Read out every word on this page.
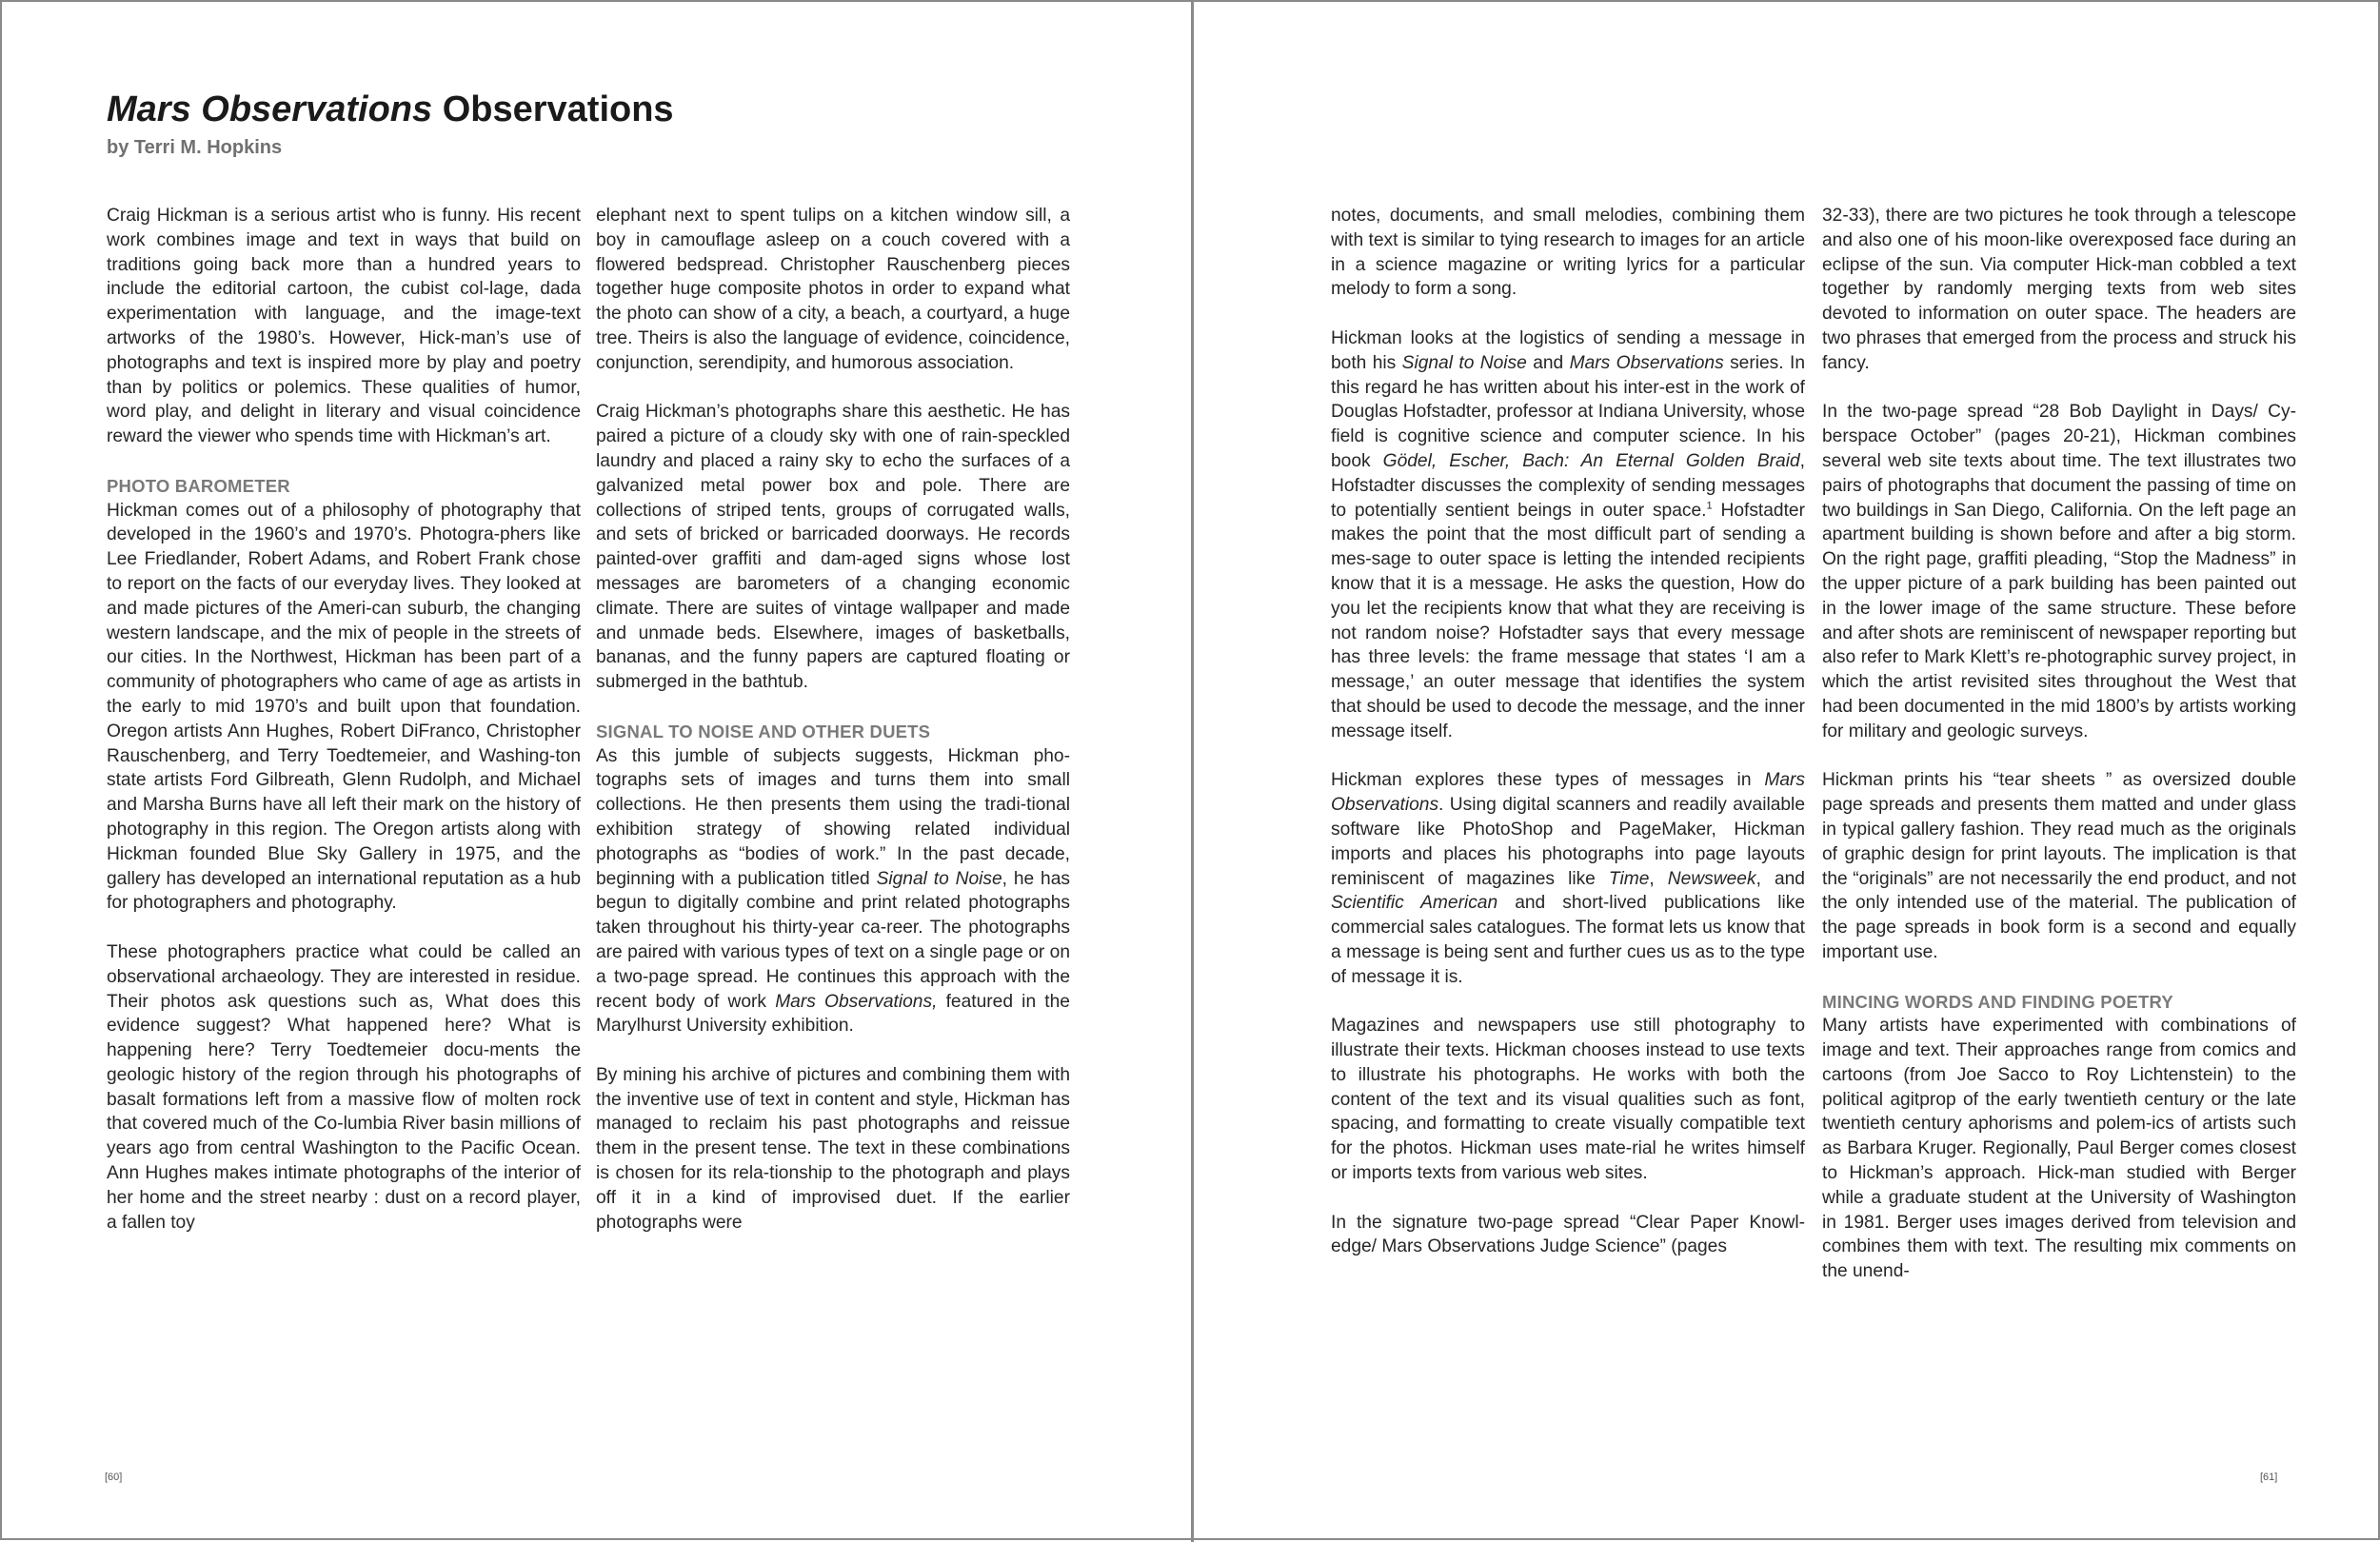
Mars Observations Observations
by Terri M. Hopkins

Craig Hickman is a serious artist who is funny. His recent work combines image and text in ways that build on traditions going back more than a hundred years to include the editorial cartoon, the cubist col-lage, dada experimentation with language, and the image-text artworks of the 1980’s. However, Hick-man’s use of photographs and text is inspired more by play and poetry than by politics or polemics. These qualities of humor, word play, and delight in literary and visual coincidence reward the viewer who spends time with Hickman’s art.

PHOTO BAROMETER

Hickman comes out of a philosophy of photography that developed in the 1960’s and 1970’s. Photogra-phers like Lee Friedlander, Robert Adams, and Robert Frank chose to report on the facts of our everyday lives. They looked at and made pictures of the Ameri-can suburb, the changing western landscape, and the mix of people in the streets of our cities. In the Northwest, Hickman has been part of a community of photographers who came of age as artists in the early to mid 1970’s and built upon that foundation. Oregon artists Ann Hughes, Robert DiFranco, Christopher Rauschenberg, and Terry Toedtemeier, and Washing-ton state artists Ford Gilbreath, Glenn Rudolph, and Michael and Marsha Burns have all left their mark on the history of photography in this region. The Oregon artists along with Hickman founded Blue Sky Gallery in 1975, and the gallery has developed an international reputation as a hub for photographers and photography.

These photographers practice what could be called an observational archaeology. They are interested in residue. Their photos ask questions such as, What does this evidence suggest? What happened here? What is happening here? Terry Toedtemeier docu-ments the geologic history of the region through his photographs of basalt formations left from a massive flow of molten rock that covered much of the Co-lumbia River basin millions of years ago from central Washington to the Pacific Ocean. Ann Hughes makes intimate photographs of the interior of her home and the street nearby : dust on a record player, a fallen toy

elephant next to spent tulips on a kitchen window sill, a boy in camouflage asleep on a couch covered with a flowered bedspread. Christopher Rauschenberg pieces together huge composite photos in order to expand what the photo can show of a city, a beach, a courtyard, a huge tree. Theirs is also the language of evidence, coincidence, conjunction, serendipity, and humorous association.

Craig Hickman’s photographs share this aesthetic. He has paired a picture of a cloudy sky with one of rain-speckled laundry and placed a rainy sky to echo the surfaces of a galvanized metal power box and pole. There are collections of striped tents, groups of corrugated walls, and sets of bricked or barricaded doorways. He records painted-over graffiti and dam-aged signs whose lost messages are barometers of a changing economic climate. There are suites of vintage wallpaper and made and unmade beds. Elsewhere, images of basketballs, bananas, and the funny papers are captured floating or submerged in the bathtub.

SIGNAL TO NOISE AND OTHER DUETS

As this jumble of subjects suggests, Hickman pho-tographs sets of images and turns them into small collections. He then presents them using the tradi-tional exhibition strategy of showing related individual photographs as “bodies of work.” In the past decade, beginning with a publication titled Signal to Noise, he has begun to digitally combine and print related photographs taken throughout his thirty-year ca-reer. The photographs are paired with various types of text on a single page or on a two-page spread. He continues this approach with the recent body of work Mars Observations, featured in the Marylhurst University exhibition.

By mining his archive of pictures and combining them with the inventive use of text in content and style, Hickman has managed to reclaim his past photographs and reissue them in the present tense. The text in these combinations is chosen for its rela-tionship to the photograph and plays off it in a kind of improvised duet. If the earlier photographs were

[60]

notes, documents, and small melodies, combining them with text is similar to tying research to images for an article in a science magazine or writing lyrics for a particular melody to form a song.

Hickman looks at the logistics of sending a message in both his Signal to Noise and Mars Observations series. In this regard he has written about his inter-est in the work of Douglas Hofstadter, professor at Indiana University, whose field is cognitive science and computer science. In his book Gödel, Escher, Bach: An Eternal Golden Braid, Hofstadter discusses the complexity of sending messages to potentially sentient beings in outer space.$^1$ Hofstadter makes the point that the most difficult part of sending a mes-sage to outer space is letting the intended recipients know that it is a message. He asks the question, How do you let the recipients know that what they are receiving is not random noise? Hofstadter says that every message has three levels: the frame message that states ‘I am a message,’ an outer message that identifies the system that should be used to decode the message, and the inner message itself.

Hickman explores these types of messages in Mars Observations. Using digital scanners and readily available software like PhotoShop and PageMaker, Hickman imports and places his photographs into page layouts reminiscent of magazines like Time, Newsweek, and Scientific American and short-lived publications like commercial sales catalogues. The format lets us know that a message is being sent and further cues us as to the type of message it is.

Magazines and newspapers use still photography to illustrate their texts. Hickman chooses instead to use texts to illustrate his photographs. He works with both the content of the text and its visual qualities such as font, spacing, and formatting to create visually compatible text for the photos. Hickman uses mate-rial he writes himself or imports texts from various web sites.

In the signature two-page spread “Clear Paper Knowl-edge/ Mars Observations Judge Science” (pages

32-33), there are two pictures he took through a telescope and also one of his moon-like overexposed face during an eclipse of the sun. Via computer Hick-man cobbled a text together by randomly merging texts from web sites devoted to information on outer space. The headers are two phrases that emerged from the process and struck his fancy.

In the two-page spread “28 Bob Daylight in Days/ Cy-berspace October” (pages 20-21), Hickman combines several web site texts about time. The text illustrates two pairs of photographs that document the passing of time on two buildings in San Diego, California. On the left page an apartment building is shown before and after a big storm. On the right page, graffiti pleading, “Stop the Madness” in the upper picture of a park building has been painted out in the lower image of the same structure. These before and after shots are reminiscent of newspaper reporting but also refer to Mark Klett’s re-photographic survey project, in which the artist revisited sites throughout the West that had been documented in the mid 1800’s by artists working for military and geologic surveys.

Hickman prints his “tear sheets ” as oversized double page spreads and presents them matted and under glass in typical gallery fashion. They read much as the originals of graphic design for print layouts. The implication is that the “originals” are not necessarily the end product, and not the only intended use of the material. The publication of the page spreads in book form is a second and equally important use.

MINCING WORDS AND FINDING POETRY

Many artists have experimented with combinations of image and text. Their approaches range from comics and cartoons (from Joe Sacco to Roy Lichtenstein) to the political agitprop of the early twentieth century or the late twentieth century aphorisms and polem-ics of artists such as Barbara Kruger. Regionally, Paul Berger comes closest to Hickman’s approach. Hick-man studied with Berger while a graduate student at the University of Washington in 1981. Berger uses images derived from television and combines them with text. The resulting mix comments on the unend-

[61]
